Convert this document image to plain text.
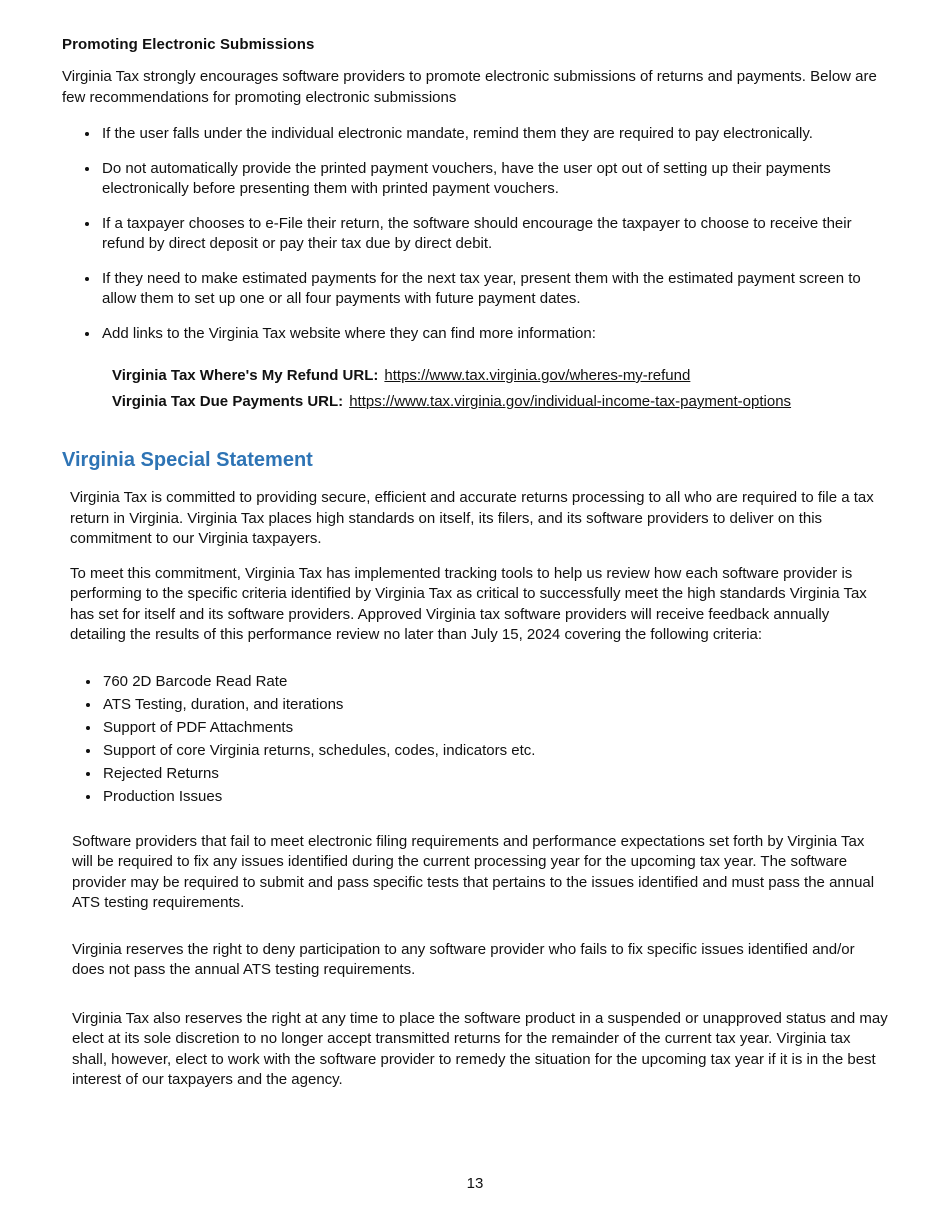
Promoting Electronic Submissions

Virginia Tax strongly encourages software providers to promote electronic submissions of returns and payments. Below are few recommendations for promoting electronic submissions

• If the user falls under the individual electronic mandate, remind them they are required to pay electronically.
• Do not automatically provide the printed payment vouchers, have the user opt out of setting up their payments electronically before presenting them with printed payment vouchers.
• If a taxpayer chooses to e-File their return, the software should encourage the taxpayer to choose to receive their refund by direct deposit or pay their tax due by direct debit.
• If they need to make estimated payments for the next tax year, present them with the estimated payment screen to allow them to set up one or all four payments with future payment dates.
• Add links to the Virginia Tax website where they can find more information:
Virginia Tax Where's My Refund URL: https://www.tax.virginia.gov/wheres-my-refund
Virginia Tax Due Payments URL: https://www.tax.virginia.gov/individual-income-tax-payment-options
Virginia Special Statement

Virginia Tax is committed to providing secure, efficient and accurate returns processing to all who are required to file a tax return in Virginia. Virginia Tax places high standards on itself, its filers, and its software providers to deliver on this commitment to our Virginia taxpayers.

To meet this commitment, Virginia Tax has implemented tracking tools to help us review how each software provider is performing to the specific criteria identified by Virginia Tax as critical to successfully meet the high standards Virginia Tax has set for itself and its software providers. Approved Virginia tax software providers will receive feedback annually detailing the results of this performance review no later than July 15, 2024 covering the following criteria:

• 760 2D Barcode Read Rate
• ATS Testing, duration, and iterations
• Support of PDF Attachments
• Support of core Virginia returns, schedules, codes, indicators etc.
• Rejected Returns
• Production Issues

Software providers that fail to meet electronic filing requirements and performance expectations set forth by Virginia Tax will be required to fix any issues identified during the current processing year for the upcoming tax year. The software provider may be required to submit and pass specific tests that pertains to the issues identified and must pass the annual ATS testing requirements.

Virginia reserves the right to deny participation to any software provider who fails to fix specific issues identified and/or does not pass the annual ATS testing requirements.

Virginia Tax also reserves the right at any time to place the software product in a suspended or unapproved status and may elect at its sole discretion to no longer accept transmitted returns for the remainder of the current tax year. Virginia tax shall, however, elect to work with the software provider to remedy the situation for the upcoming tax year if it is in the best interest of our taxpayers and the agency.

13
